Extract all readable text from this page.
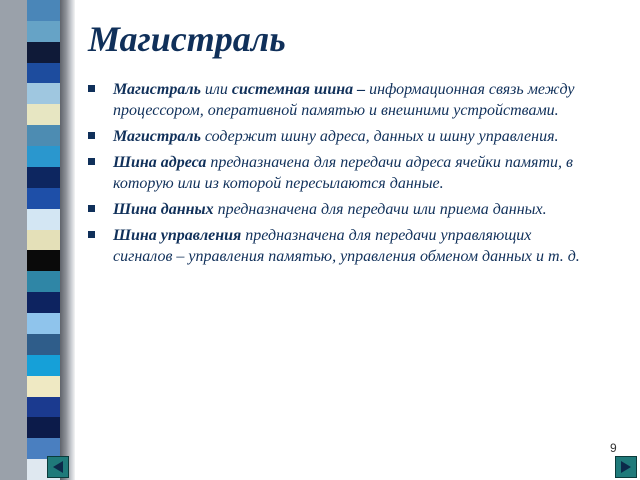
Магистраль
Магистраль или системная шина – информационная связь между процессором, оперативной памятью и внешними устройствами.
Магистраль содержит шину адреса, данных и шину управления.
Шина адреса предназначена для передачи адреса ячейки памяти, в которую или из которой пересылаются данные.
Шина данных предназначена для передачи или приема данных.
Шина управления предназначена для передачи управляющих сигналов – управления памятью, управления обменом данных и т. д.
9
